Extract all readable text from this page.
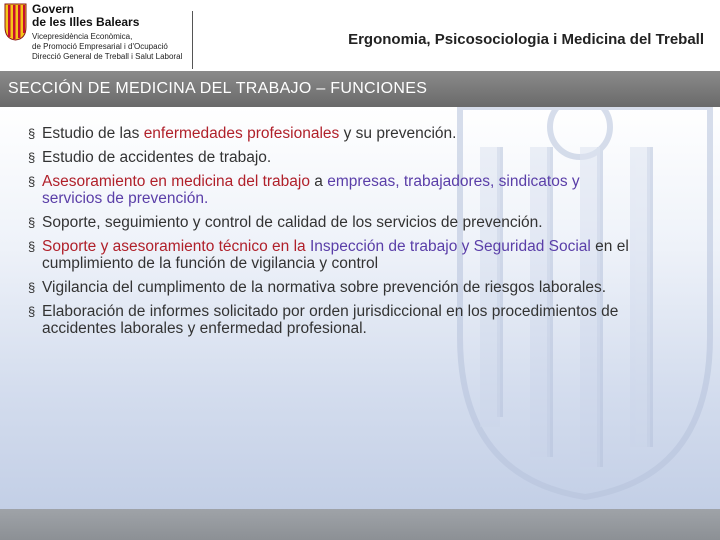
Govern
de les Illes Balears
Vicepresidència Econòmica,
de Promoció Empresarial i d'Ocupació
Direcció General de Treball i Salut Laboral
Ergonomia, Psicosociologia i Medicina del Treball
SECCIÓN DE MEDICINA DEL TRABAJO – FUNCIONES
§ Estudio de las enfermedades profesionales y su prevención.
§ Estudio de accidentes de trabajo.
§ Asesoramiento en medicina del trabajo a empresas, trabajadores, sindicatos y servicios de prevención.
§ Soporte, seguimiento y control de calidad de los servicios de prevención.
§ Soporte y asesoramiento técnico en la Inspección de trabajo y Seguridad Social en el cumplimiento de la función de vigilancia y control
§ Vigilancia del cumplimento de la normativa sobre prevención de riesgos laborales.
§ Elaboración de informes solicitado por orden jurisdiccional en los procedimientos de accidentes laborales y enfermedad profesional.
